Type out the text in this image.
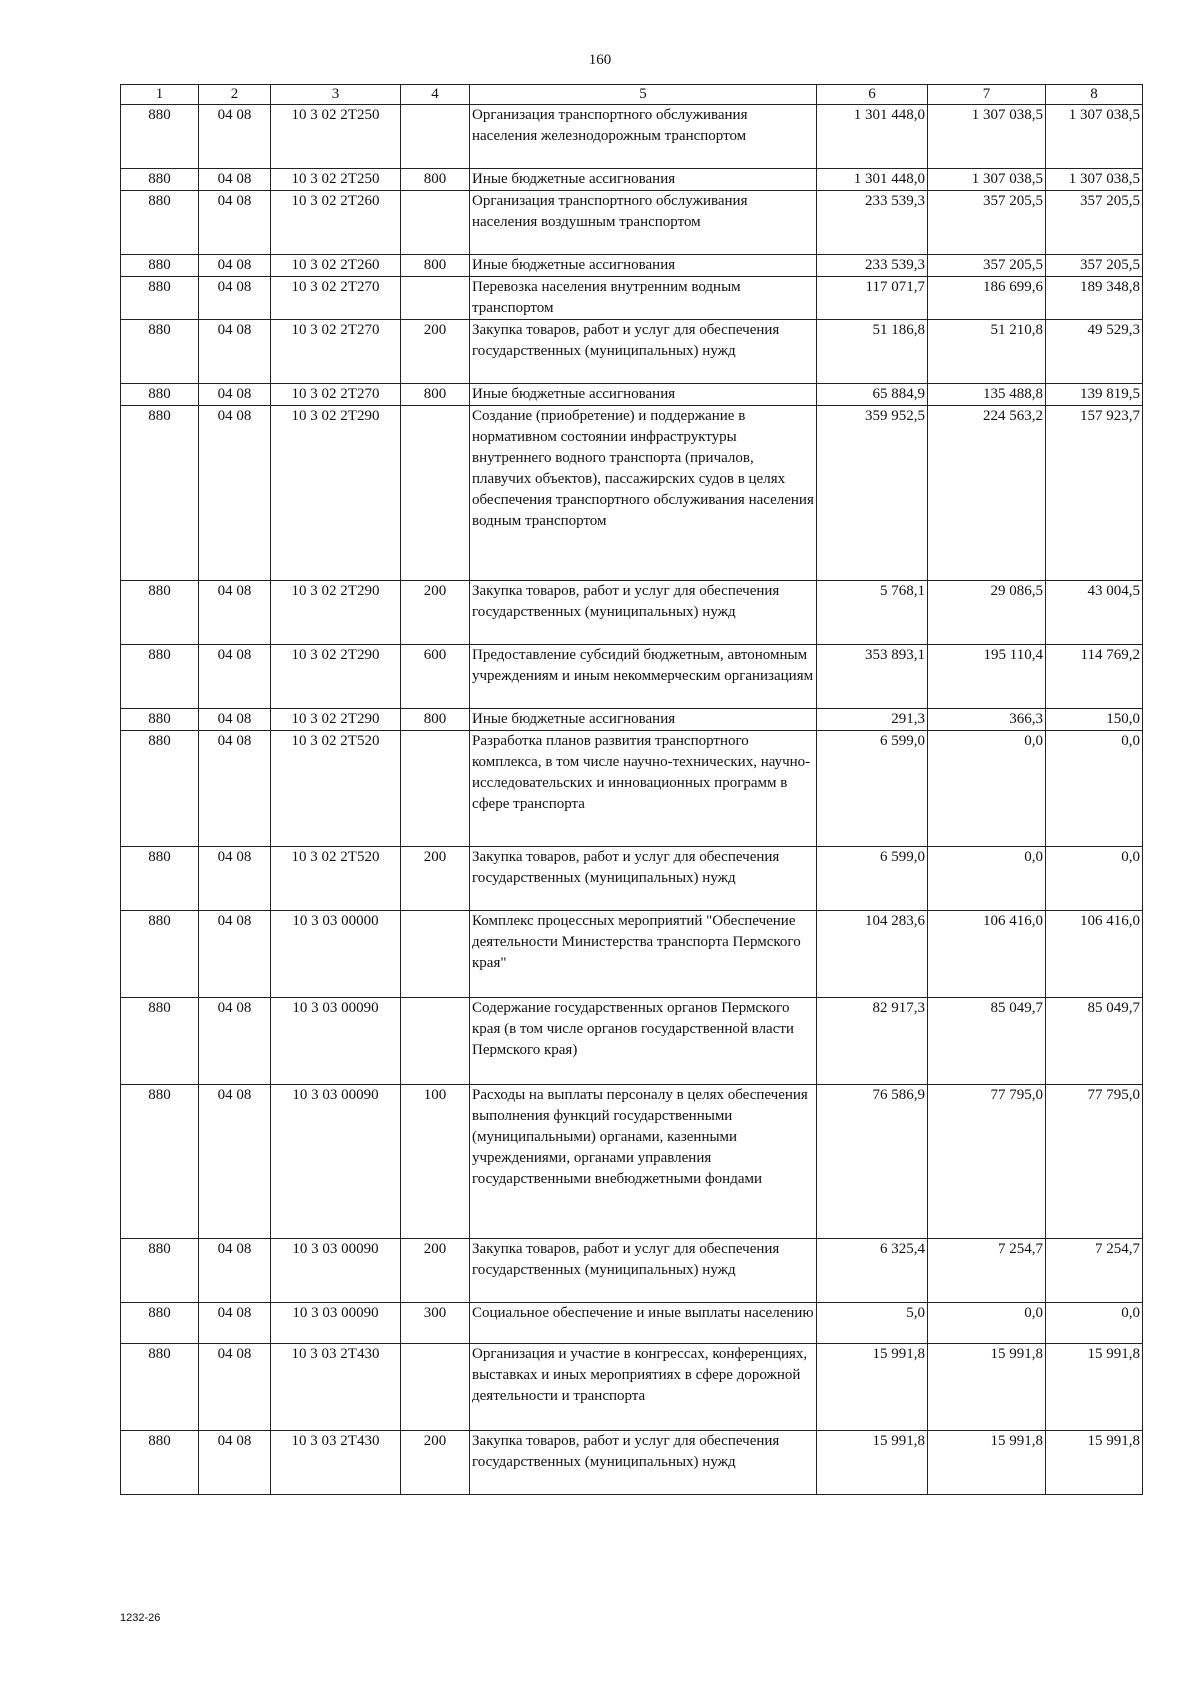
160
1	2	3	4	5	6	7	8
880	04 08	10 3 02 2Т250		Организация транспортного обслуживания населения железнодорожным транспортом	1 301 448,0	1 307 038,5	1 307 038,5
880	04 08	10 3 02 2Т250	800	Иные бюджетные ассигнования	1 301 448,0	1 307 038,5	1 307 038,5
880	04 08	10 3 02 2Т260		Организация транспортного обслуживания населения воздушным транспортом	233 539,3	357 205,5	357 205,5
880	04 08	10 3 02 2Т260	800	Иные бюджетные ассигнования	233 539,3	357 205,5	357 205,5
880	04 08	10 3 02 2Т270		Перевозка населения внутренним водным транспортом	117 071,7	186 699,6	189 348,8
880	04 08	10 3 02 2Т270	200	Закупка товаров, работ и услуг для обеспечения государственных (муниципальных) нужд	51 186,8	51 210,8	49 529,3
880	04 08	10 3 02 2Т270	800	Иные бюджетные ассигнования	65 884,9	135 488,8	139 819,5
880	04 08	10 3 02 2Т290		Создание (приобретение) и поддержание в нормативном состоянии инфраструктуры внутреннего водного транспорта (причалов, плавучих объектов), пассажирских судов в целях обеспечения транспортного обслуживания населения водным транспортом	359 952,5	224 563,2	157 923,7
880	04 08	10 3 02 2Т290	200	Закупка товаров, работ и услуг для обеспечения государственных (муниципальных) нужд	5 768,1	29 086,5	43 004,5
880	04 08	10 3 02 2Т290	600	Предоставление субсидий бюджетным, автономным учреждениям и иным некоммерческим организациям	353 893,1	195 110,4	114 769,2
880	04 08	10 3 02 2Т290	800	Иные бюджетные ассигнования	291,3	366,3	150,0
880	04 08	10 3 02 2Т520		Разработка планов развития транспортного комплекса, в том числе научно-технических, научно-исследовательских и инновационных программ в сфере транспорта	6 599,0	0,0	0,0
880	04 08	10 3 02 2Т520	200	Закупка товаров, работ и услуг для обеспечения государственных (муниципальных) нужд	6 599,0	0,0	0,0
880	04 08	10 3 03 00000		Комплекс процессных мероприятий "Обеспечение деятельности Министерства транспорта Пермского края"	104 283,6	106 416,0	106 416,0
880	04 08	10 3 03 00090		Содержание государственных органов Пермского края (в том числе органов государственной власти Пермского края)	82 917,3	85 049,7	85 049,7
880	04 08	10 3 03 00090	100	Расходы на выплаты персоналу в целях обеспечения выполнения функций государственными (муниципальными) органами, казенными учреждениями, органами управления государственными внебюджетными фондами	76 586,9	77 795,0	77 795,0
880	04 08	10 3 03 00090	200	Закупка товаров, работ и услуг для обеспечения государственных (муниципальных) нужд	6 325,4	7 254,7	7 254,7
880	04 08	10 3 03 00090	300	Социальное обеспечение и иные выплаты населению	5,0	0,0	0,0
880	04 08	10 3 03 2Т430		Организация и участие в конгрессах, конференциях, выставках и иных мероприятиях в сфере дорожной деятельности и транспорта	15 991,8	15 991,8	15 991,8
880	04 08	10 3 03 2Т430	200	Закупка товаров, работ и услуг для обеспечения государственных (муниципальных) нужд	15 991,8	15 991,8	15 991,8
1232-26
